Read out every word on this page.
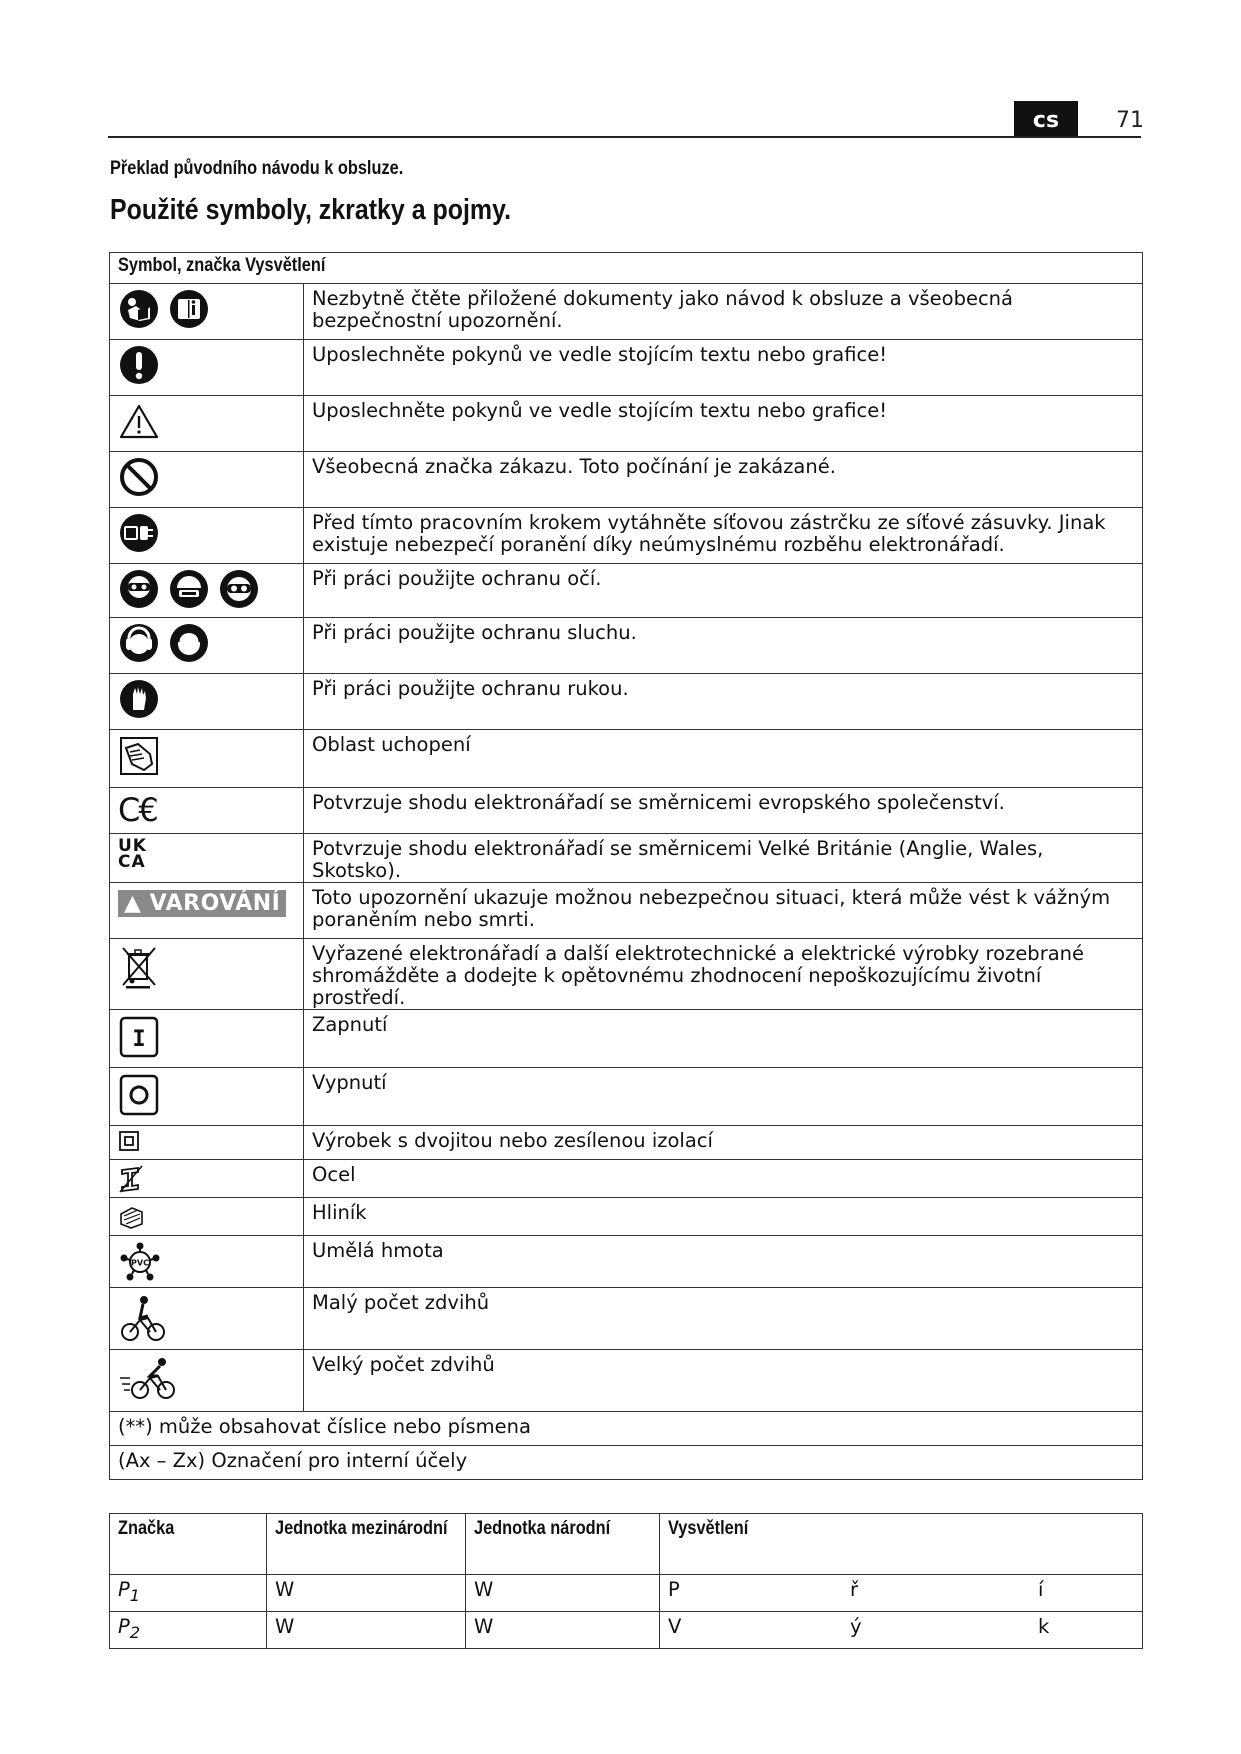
cs	71
Překlad původního návodu k obsluze.
Použité symboly, zkratky a pojmy.
Symbol, značka Vysvětlení	

	Nezbytně čtěte přiložené dokumenty jako návod k obsluze a všeobecná bezpečnostní upozornění.

	Uposlechněte pokynů ve vedle stojícím textu nebo grafice!

	Uposlechněte pokynů ve vedle stojícím textu nebo grafice!

	Všeobecná značka zákazu. Toto počínání je zakázané.

	Před tímto pracovním krokem vytáhněte síťovou zástrčku ze síťové zásuvky. Jinak existuje nebezpečí poranění díky neúmyslnému rozběhu elektronářadí.

	Při práci použijte ochranu očí.

	Při práci použijte ochranu sluchu.

	Při práci použijte ochranu rukou.

	Oblast uchopení
C€	Potvrzuje shodu elektronářadí se směrnicemi evropského společenství.
UK
CA	Potvrzuje shodu elektronářadí se směrnicemi Velké Británie (Anglie, Wales, Skotsko).
▲ VAROVÁNÍ	Toto upozornění ukazuje možnou nebezpečnou situaci, která může vést k vážným poraněním nebo smrti.

	Vyřazené elektronářadí a další elektrotechnické a elektrické výrobky rozebrané shromážděte a dodejte k opětovnému zhodnocení nepoškozujícímu životní prostředí.

I	Zapnutí

	Vypnutí

	Výrobek s dvojitou nebo zesílenou izolací

	Ocel

	Hliník

PVC	Umělá hmota

	Malý počet zdvihů

	Velký počet zdvihů
(**) může obsahovat číslice nebo písmena	
(Ax – Zx) Označení pro interní účely	
Značka	Jednotka mezinárodní	Jednotka národní	Vysvětlení
$P_1$	W	W	P ř í

$P_2$	W	W	V ý k
